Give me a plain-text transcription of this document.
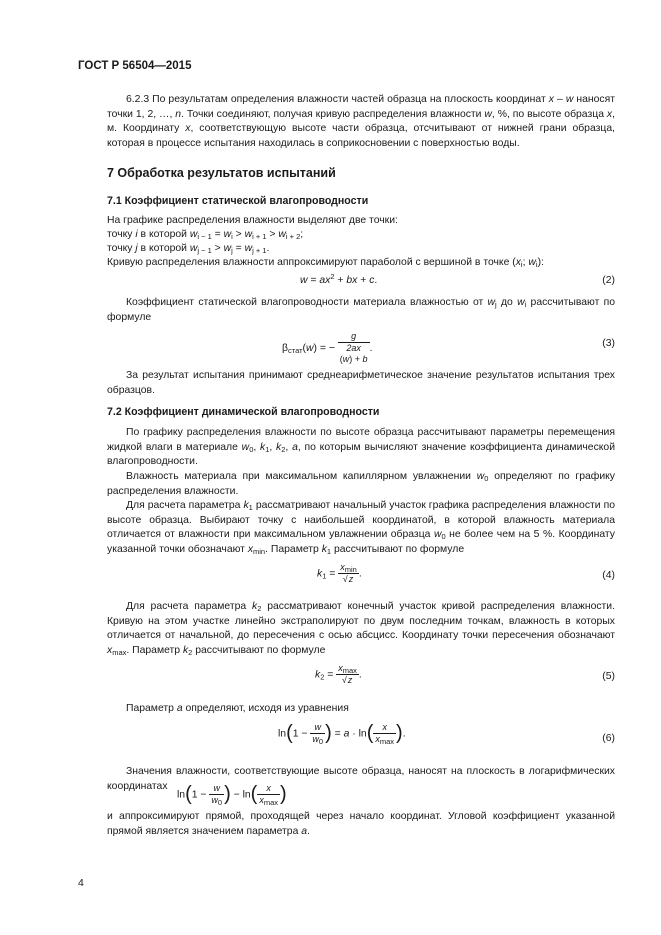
ГОСТ Р 56504—2015

6.2.3 По результатам определения влажности частей образца на плоскость координат x – w наносят точки 1, 2, …, n. Точки соединяют, получая кривую распределения влажности w, %, по высоте образца x, м. Координату x, соответствующую высоте части образца, отсчитывают от нижней грани образца, которая в процессе испытания находилась в соприкосновении с поверхностью воды.

7 Обработка результатов испытаний
7.1 Коэффициент статической влагопроводности
На графике распределения влажности выделяют две точки:
точку i в которой $w_{i - 1} = w_i > w_{i + 1} > w_{i + 2}$;
точку j в которой $w_{j - 1} > w_j = w_{j + 1}$.
Кривую распределения влажности аппроксимируют параболой с вершиной в точке ($x_i$; $w_i$):
$w = ax^2$ + bx + c.	(2)

Коэффициент статической влагопроводности материала влажностью от $w_j$ до $w_i$ рассчитывают по формуле

$\beta_{стат}(w)$ = −
g
2ax
(w) + b
.	(3)

За результат испытания принимают среднеарифметическое значение результатов испытания трех образцов.

7.2 Коэффициент динамической влагопроводности

По графику распределения влажности по высоте образца рассчитывают параметры перемещения жидкой влаги в материале $w_0$, $k_1$, $k_2$, a, по которым вычисляют значение коэффициента динамической влагопроводности.

Влажность материала при максимальном капиллярном увлажнении $w_0$ определяют по графику распределения влажности.

Для расчета параметра $k_1$ рассматривают начальный участок графика распределения влажности по высоте образца. Выбирают точку с наибольшей координатой, в которой влажность материала отличается от влажности при максимальном увлажнении образца $w_0$ не более чем на 5 %. Координату указанной точки обозначают $x_{min}$. Параметр $k_1$ рассчитывают по формуле

$k_1 = \frac{x_{min}}{√z}$ .	(4)

Для расчета параметра $k_2$ рассматривают конечный участок кривой распределения влажности. Кривую на этом участке линейно экстраполируют по двум последним точкам, влажность в которых отличается от начальной, до пересечения с осью абсцисс. Координату точки пересечения обозначают $x_{max}$. Параметр $k_2$ рассчитывают по формуле

$k_2 = \frac{x_{max}}{√z}$ .	(5)
Параметр a определяют, исходя из уравнения
$\ln(1 - \frac{w}{w_0}$ ) = $a \cdot \ln( \frac{x}{x_{max}}$ ).	(6)

Значения влажности, соответствующие высоте образца, наносят на плоскость в логарифмических координатах

$\ln(1 - \frac{w}{w_0}$ ) − $\ln( \frac{x}{x_{max}}$ )

и аппроксимируют прямой, проходящей через начало координат. Угловой коэффициент указанной прямой является значением параметра a.

4
